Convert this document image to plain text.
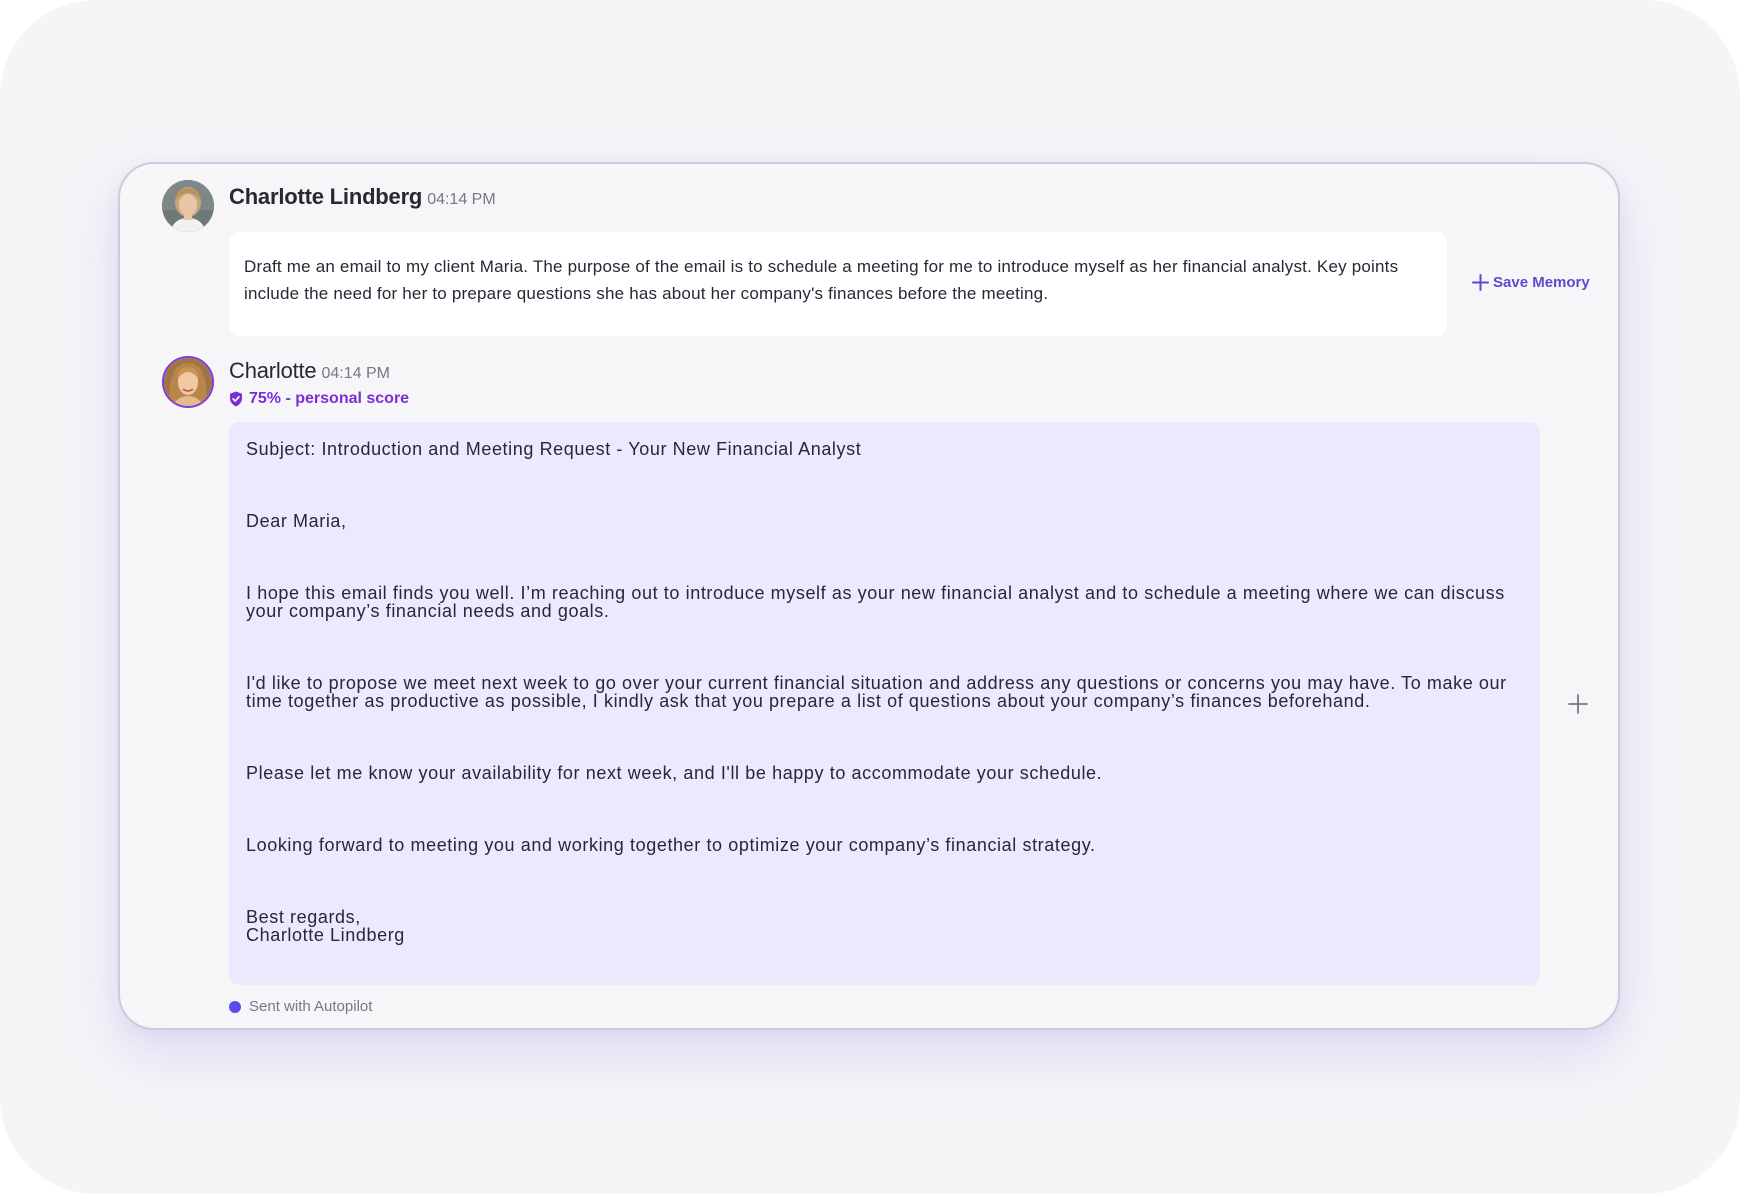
Charlotte Lindberg 04:14 PM
Draft me an email to my client Maria. The purpose of the email is to schedule a meeting for me to introduce myself as her financial analyst. Key points include the need for her to prepare questions she has about her company's finances before the meeting.
Save Memory
Charlotte 04:14 PM
75% - personal score

Subject: Introduction and Meeting Request - Your New Financial Analyst

Dear Maria,

I hope this email finds you well. I’m reaching out to introduce myself as your new financial analyst and to schedule a meeting where we can discuss your company’s financial needs and goals.

I'd like to propose we meet next week to go over your current financial situation and address any questions or concerns you may have. To make our time together as productive as possible, I kindly ask that you prepare a list of questions about your company’s finances beforehand.

Please let me know your availability for next week, and I'll be happy to accommodate your schedule.

Looking forward to meeting you and working together to optimize your company’s financial strategy.

Best regards,
Charlotte Lindberg

Sent with Autopilot
